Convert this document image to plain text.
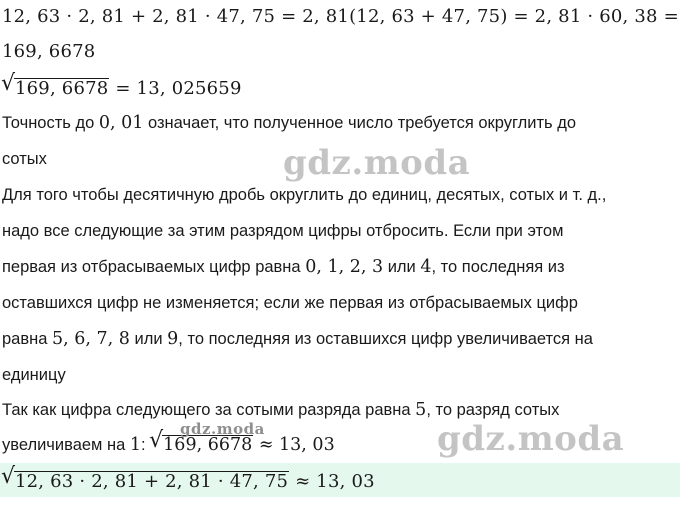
12, 63 · 2, 81 + 2, 81 · 47, 75 = 2, 81(12, 63 + 47, 75) = 2, 81 · 60, 38 =
169, 6678
√ 169, 6678 = 13, 025659
Точность до 0, 01 означает, что полученное число требуется округлить до
сотых
Для того чтобы десятичную дробь округлить до единиц, десятых, сотых и т. д.,
надо все следующие за этим разрядом цифры отбросить. Если при этом
первая из отбрасываемых цифр равна 0, 1, 2, 3 или 4, то последняя из
оставшихся цифр не изменяется; если же первая из отбрасываемых цифр
равна 5, 6, 7, 8 или 9, то последняя из оставшихся цифр увеличивается на
единицу
Так как цифра следующего за сотыми разряда равна 5, то разряд сотых
увеличиваем на 1: √ 169, 6678 ≈ 13, 03
√ 12, 63 · 2, 81 + 2, 81 · 47, 75 ≈ 13, 03
gdz.moda
gdz.moda
gdz.moda
